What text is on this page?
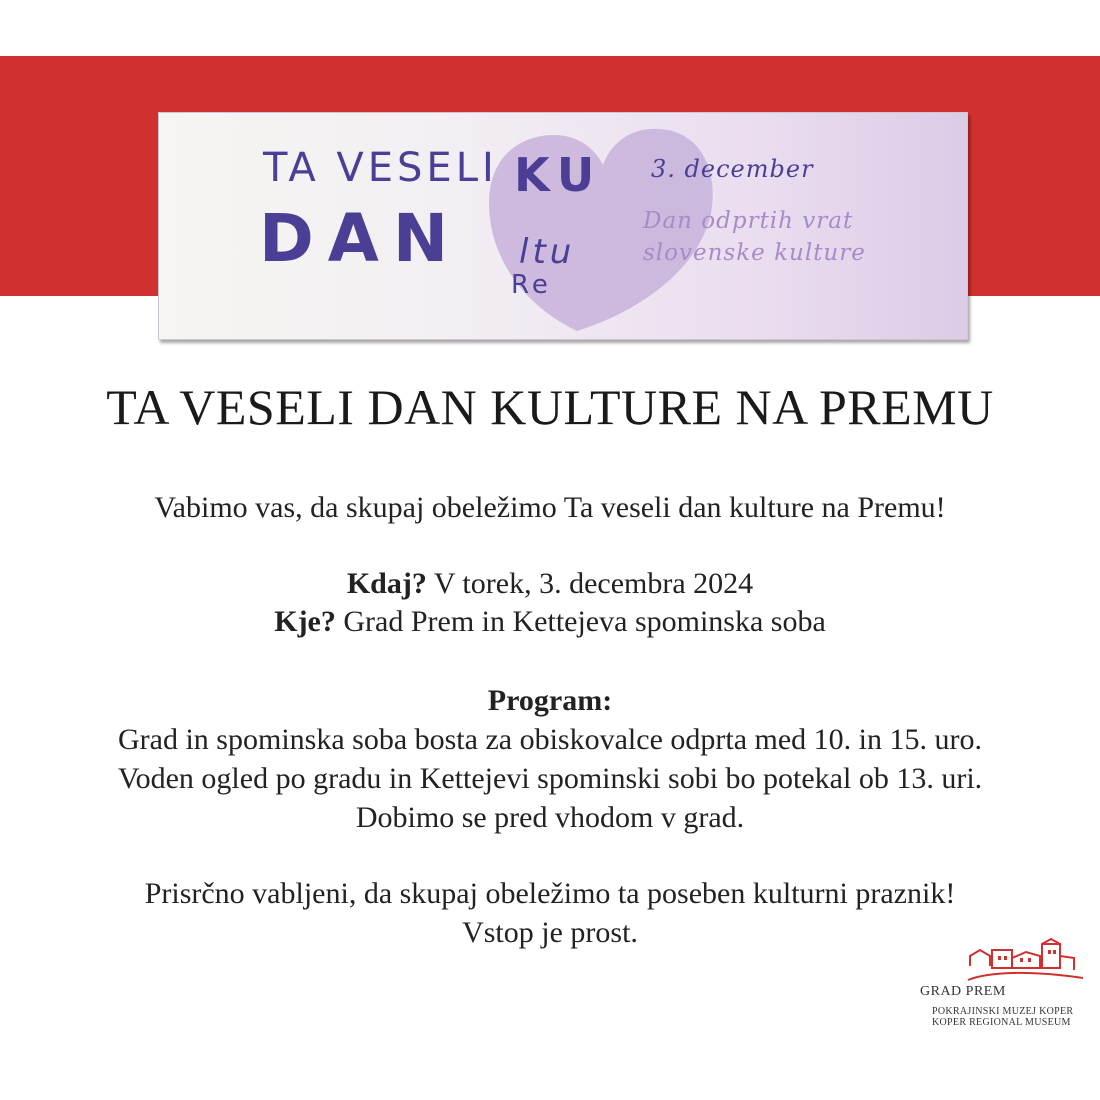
TA VESELI
DAN
KU
ltu
Re
3. december
Dan odprtih vrat
slovenske kulture
TA VESELI DAN KULTURE NA PREMU
Vabimo vas, da skupaj obeležimo Ta veseli dan kulture na Premu!
Kdaj? V torek, 3. decembra 2024
Kje? Grad Prem in Kettejeva spominska soba
Program:
Grad in spominska soba bosta za obiskovalce odprta med 10. in 15. uro.
Voden ogled po gradu in Kettejevi spominski sobi bo potekal ob 13. uri.
Dobimo se pred vhodom v grad.
Prisrčno vabljeni, da skupaj obeležimo ta poseben kulturni praznik!
Vstop je prost.
GRAD PREM
POKRAJINSKI MUZEJ KOPER
KOPER REGIONAL MUSEUM
